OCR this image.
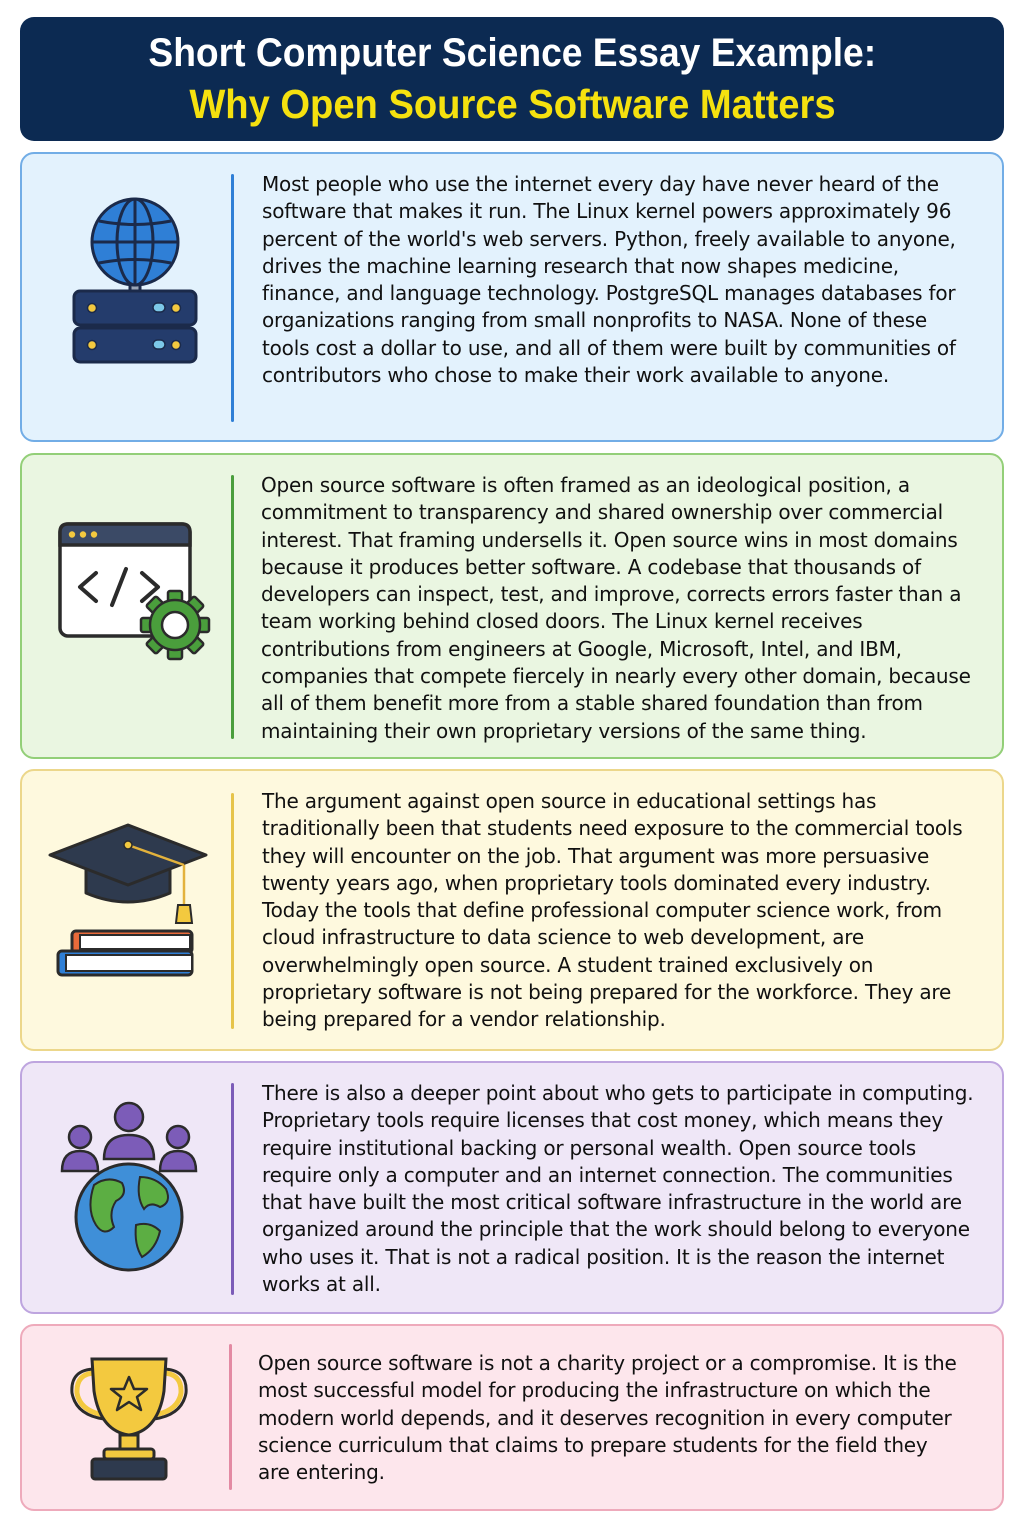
Short Computer Science Essay Example:
Why Open Source Software Matters
Most people who use the internet every day have never heard of the software that makes it run. The Linux kernel powers approximately 96 percent of the world's web servers. Python, freely available to anyone, drives the machine learning research that now shapes medicine, finance, and language technology. PostgreSQL manages databases for organizations ranging from small nonprofits to NASA. None of these tools cost a dollar to use, and all of them were built by communities of contributors who chose to make their work available to anyone.
Open source software is often framed as an ideological position, a commitment to transparency and shared ownership over commercial interest. That framing undersells it. Open source wins in most domains because it produces better software. A codebase that thousands of developers can inspect, test, and improve, corrects errors faster than a team working behind closed doors. The Linux kernel receives contributions from engineers at Google, Microsoft, Intel, and IBM, companies that compete fiercely in nearly every other domain, because all of them benefit more from a stable shared foundation than from maintaining their own proprietary versions of the same thing.
The argument against open source in educational settings has traditionally been that students need exposure to the commercial tools they will encounter on the job. That argument was more persuasive twenty years ago, when proprietary tools dominated every industry. Today the tools that define professional computer science work, from cloud infrastructure to data science to web development, are overwhelmingly open source. A student trained exclusively on proprietary software is not being prepared for the workforce. They are being prepared for a vendor relationship.
There is also a deeper point about who gets to participate in computing. Proprietary tools require licenses that cost money, which means they require institutional backing or personal wealth. Open source tools require only a computer and an internet connection. The communities that have built the most critical software infrastructure in the world are organized around the principle that the work should belong to everyone who uses it. That is not a radical position. It is the reason the internet works at all.
Open source software is not a charity project or a compromise. It is the most successful model for producing the infrastructure on which the modern world depends, and it deserves recognition in every computer science curriculum that claims to prepare students for the field they are entering.
